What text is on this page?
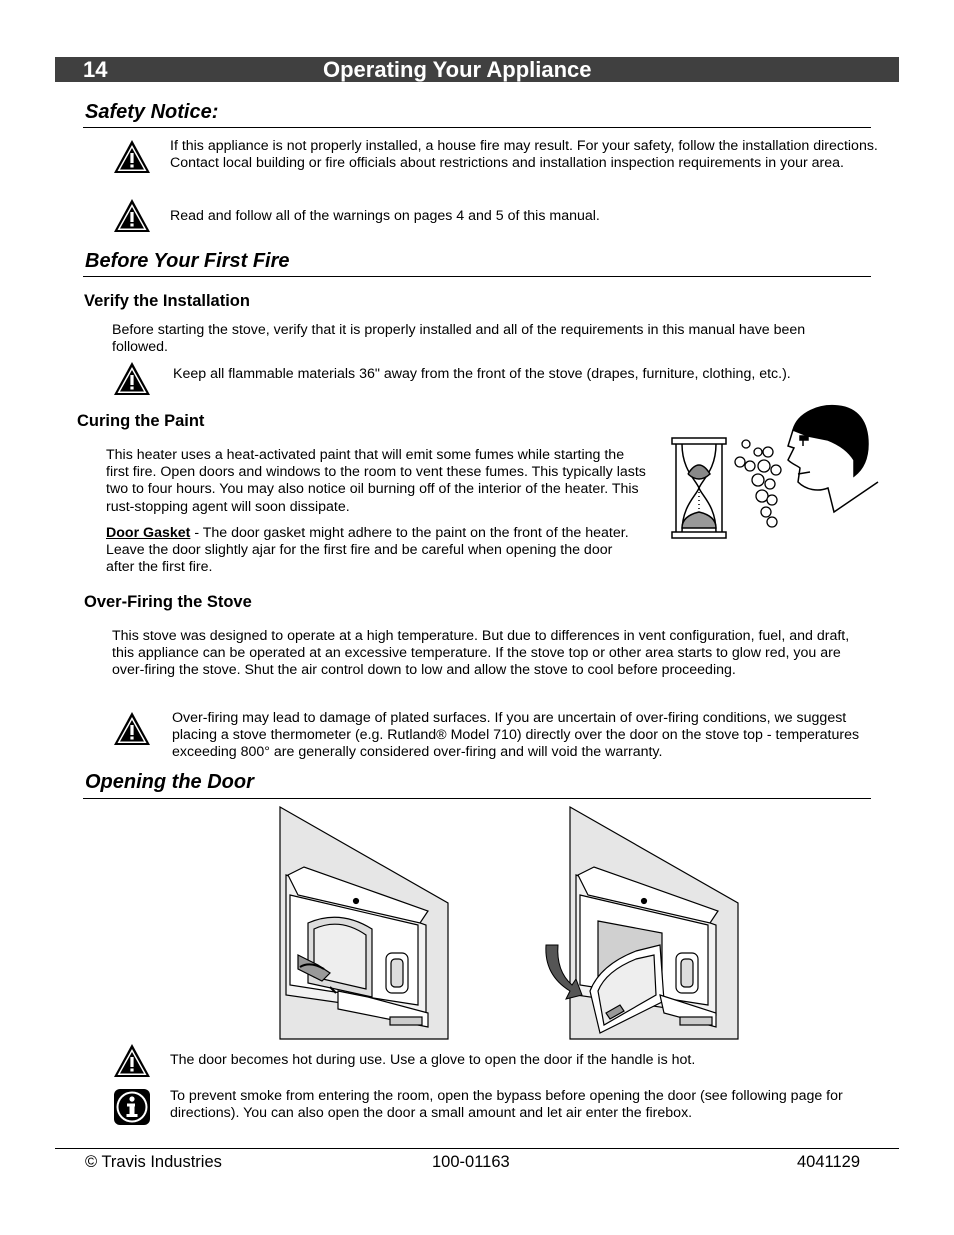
14	Operating Your Appliance
Safety Notice:
If this appliance is not properly installed, a house fire may result. For your safety, follow the installation directions. Contact local building or fire officials about restrictions and installation inspection requirements in your area.
Read and follow all of the warnings on pages 4 and 5 of this manual.
Before Your First Fire
Verify the Installation
Before starting the stove, verify that it is properly installed and all of the requirements in this manual have been followed.
Keep all flammable materials 36" away from the front of the stove (drapes, furniture, clothing, etc.).
Curing the Paint
This heater uses a heat-activated paint that will emit some fumes while starting the first fire. Open doors and windows to the room to vent these fumes. This typically lasts two to four hours. You may also notice oil burning off of the interior of the heater. This rust-stopping agent will soon dissipate.
Door Gasket - The door gasket might adhere to the paint on the front of the heater. Leave the door slightly ajar for the first fire and be careful when opening the door after the first fire.
Over-Firing the Stove
This stove was designed to operate at a high temperature. But due to differences in vent configuration, fuel, and draft, this appliance can be operated at an excessive temperature. If the stove top or other area starts to glow red, you are over-firing the stove. Shut the air control down to low and allow the stove to cool before proceeding.
Over-firing may lead to damage of plated surfaces. If you are uncertain of over-firing conditions, we suggest placing a stove thermometer (e.g. Rutland® Model 710) directly over the door on the stove top - temperatures exceeding 800° are generally considered over-firing and will void the warranty.
Opening the Door
The door becomes hot during use. Use a glove to open the door if the handle is hot.
To prevent smoke from entering the room, open the bypass before opening the door (see following page for directions). You can also open the door a small amount and let air enter the firebox.
© Travis Industries	100-01163	4041129
